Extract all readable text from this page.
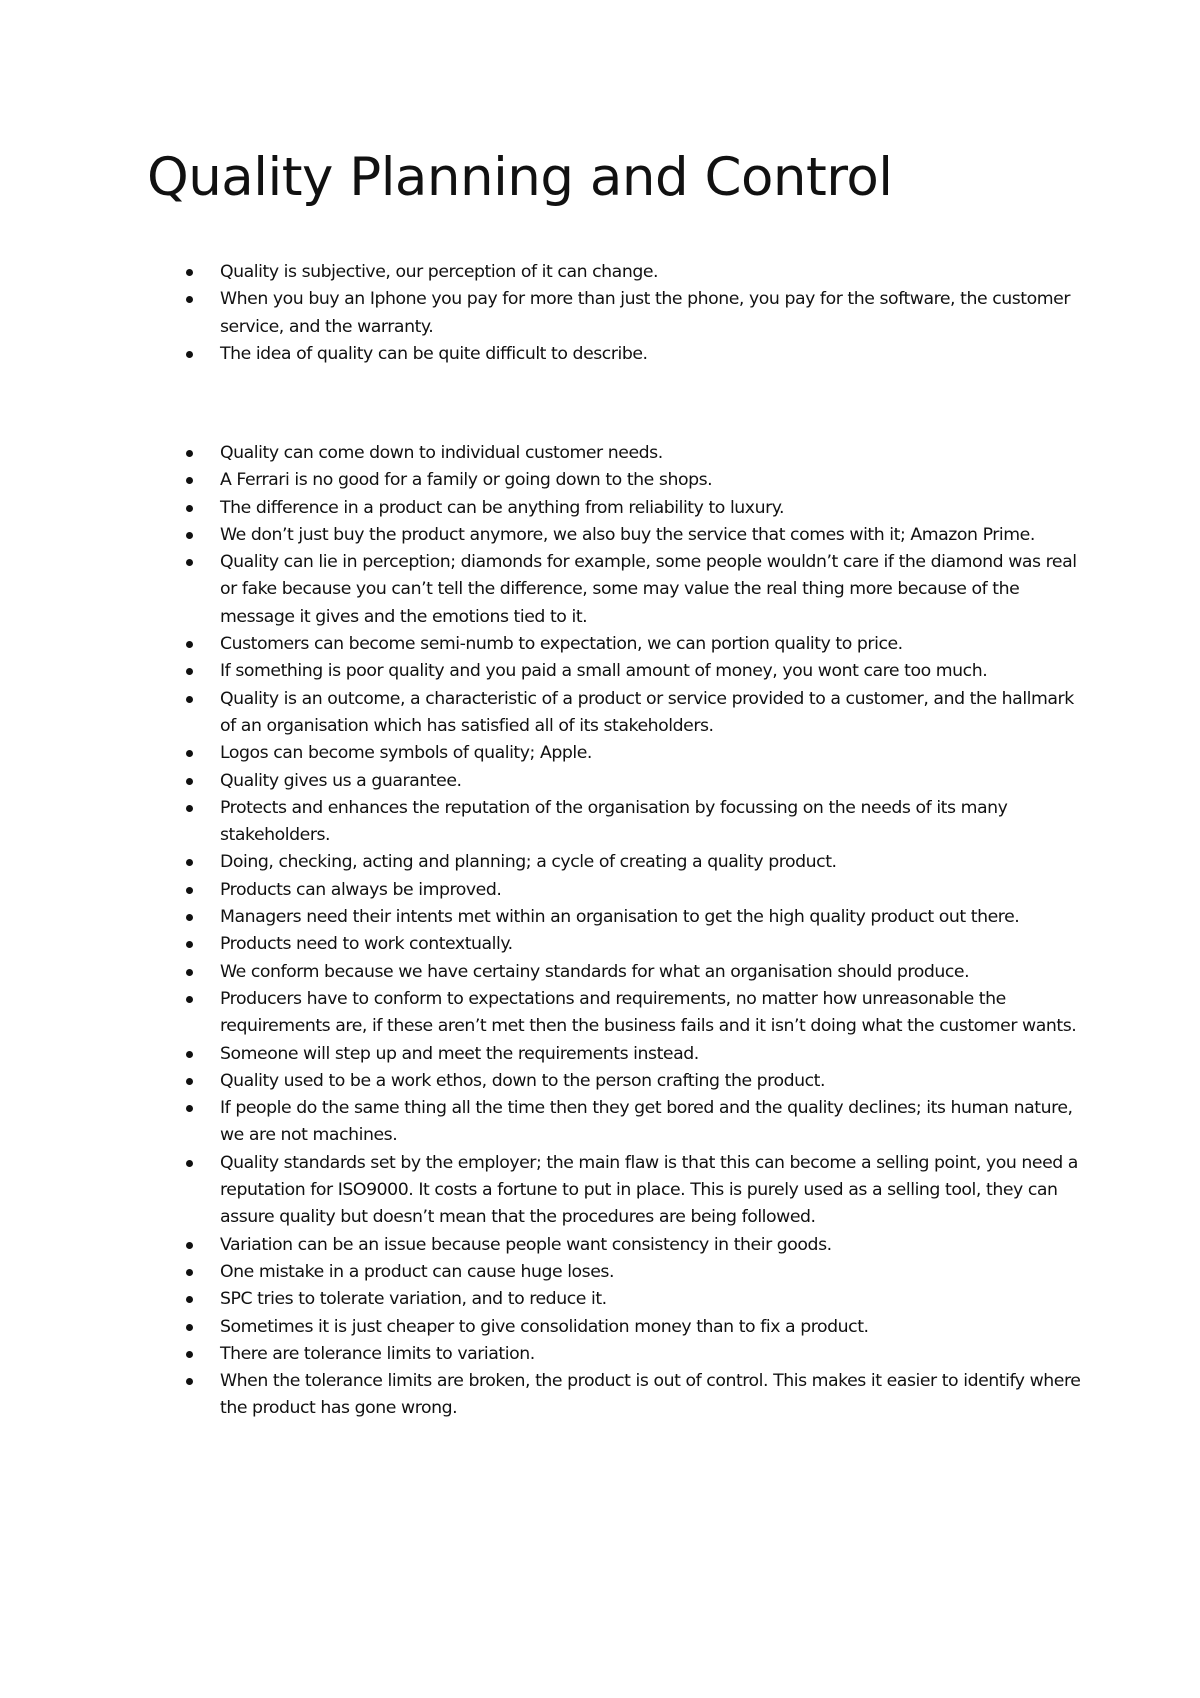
Quality Planning and Control
Quality is subjective, our perception of it can change.
When you buy an Iphone you pay for more than just the phone, you pay for the software, the customer service, and the warranty.
The idea of quality can be quite difficult to describe.
Quality can come down to individual customer needs.
A Ferrari is no good for a family or going down to the shops.
The difference in a product can be anything from reliability to luxury.
We don’t just buy the product anymore, we also buy the service that comes with it; Amazon Prime.
Quality can lie in perception; diamonds for example, some people wouldn’t care if the diamond was real or fake because you can’t tell the difference, some may value the real thing more because of the message it gives and the emotions tied to it.
Customers can become semi-numb to expectation, we can portion quality to price.
If something is poor quality and you paid a small amount of money, you wont care too much.
Quality is an outcome, a characteristic of a product or service provided to a customer, and the hallmark of an organisation which has satisfied all of its stakeholders.
Logos can become symbols of quality; Apple.
Quality gives us a guarantee.
Protects and enhances the reputation of the organisation by focussing on the needs of its many stakeholders.
Doing, checking, acting and planning; a cycle of creating a quality product.
Products can always be improved.
Managers need their intents met within an organisation to get the high quality product out there.
Products need to work contextually.
We conform because we have certainy standards for what an organisation should produce.
Producers have to conform to expectations and requirements, no matter how unreasonable the requirements are, if these aren’t met then the business fails and it isn’t doing what the customer wants.
Someone will step up and meet the requirements instead.
Quality used to be a work ethos, down to the person crafting the product.
If people do the same thing all the time then they get bored and the quality declines; its human nature, we are not machines.
Quality standards set by the employer; the main flaw is that this can become a selling point, you need a reputation for ISO9000. It costs a fortune to put in place. This is purely used as a selling tool, they can assure quality but doesn’t mean that the procedures are being followed.
Variation can be an issue because people want consistency in their goods.
One mistake in a product can cause huge loses.
SPC tries to tolerate variation, and to reduce it.
Sometimes it is just cheaper to give consolidation money than to fix a product.
There are tolerance limits to variation.
When the tolerance limits are broken, the product is out of control. This makes it easier to identify where the product has gone wrong.
